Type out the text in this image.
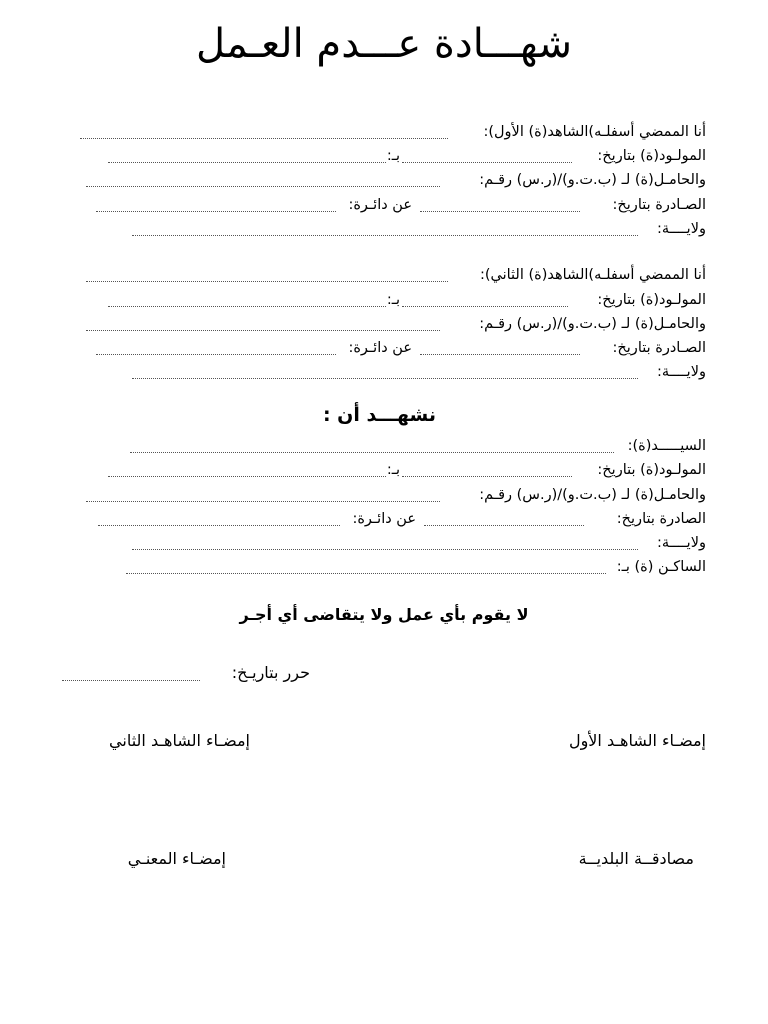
شهـــادة عـــدم العـمل
أنا الممضي أسفلـه)الشاهد(ة) الأول):
المولـود(ة) بتاريخ:
بـ:
والحامـل(ة) لـ (ب.ت.و)/(ر.س) رقـم:
الصـادرة بتاريخ:
عن دائـرة:
ولايــــة:
أنا الممضي أسفلـه)الشاهد(ة) الثاني):
المولـود(ة) بتاريخ:
بـ:
والحامـل(ة) لـ (ب.ت.و)/(ر.س) رقـم:
الصـادرة بتاريخ:
عن دائـرة:
ولايــــة:
نشهـــد أن :
السيـــــد(ة):
المولـود(ة) بتاريخ:
بـ:
والحامـل(ة) لـ (ب.ت.و)/(ر.س) رقـم:
الصادرة بتاريخ:
عن دائـرة:
ولايــــة:
الساكـن (ة) بـ:
لا يقوم بأي عمل ولا يتقاضى أي أجـر
حرر بتاريـخ:
إمضـاء الشاهـد الأول
إمضـاء الشاهـد الثاني
مصادقــة البلديــة
إمضـاء المعنـي
